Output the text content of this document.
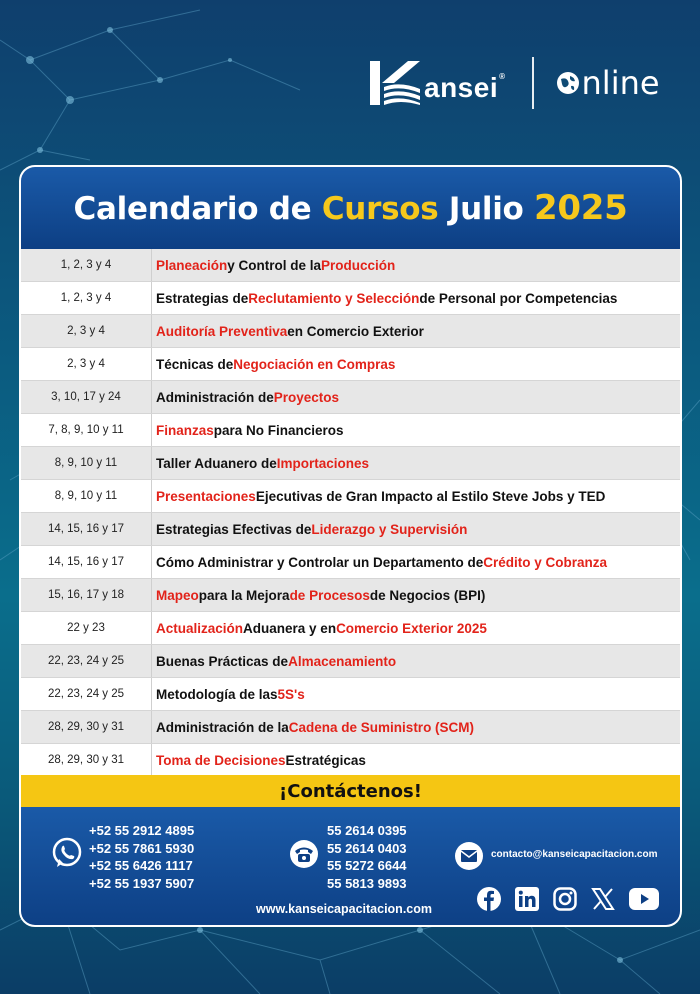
ansei® nline
Calendario de Cursos Julio 2025
1, 2, 3 y 4	Planeación y Control de la Producción
1, 2, 3 y 4	Estrategias de Reclutamiento y Selección de Personal por Competencias
2, 3 y 4	Auditoría Preventiva en Comercio Exterior
2, 3 y 4	Técnicas de Negociación en Compras
3, 10, 17 y 24	Administración de Proyectos
7, 8, 9, 10 y 11	Finanzas para No Financieros
8, 9, 10 y 11	Taller Aduanero de Importaciones
8, 9, 10 y 11	Presentaciones Ejecutivas de Gran Impacto al Estilo Steve Jobs y TED
14, 15, 16 y 17	Estrategias Efectivas de Liderazgo y Supervisión
14, 15, 16 y 17	Cómo Administrar y Controlar un Departamento de Crédito y Cobranza
15, 16, 17 y 18	Mapeo para la Mejora de Procesos de Negocios (BPI)
22 y 23	Actualización Aduanera y en Comercio Exterior 2025
22, 23, 24 y 25	Buenas Prácticas de Almacenamiento
22, 23, 24 y 25	Metodología de las 5S's
28, 29, 30 y 31	Administración de la Cadena de Suministro (SCM)
28, 29, 30 y 31	Toma de Decisiones Estratégicas
¡Contáctenos!
+52 55 2912 4895
+52 55 7861 5930
+52 55 6426 1117
+52 55 1937 5907
55 2614 0395
55 2614 0403
55 5272 6644
55 5813 9893
contacto@kanseicapacitacion.com
www.kanseicapacitacion.com
